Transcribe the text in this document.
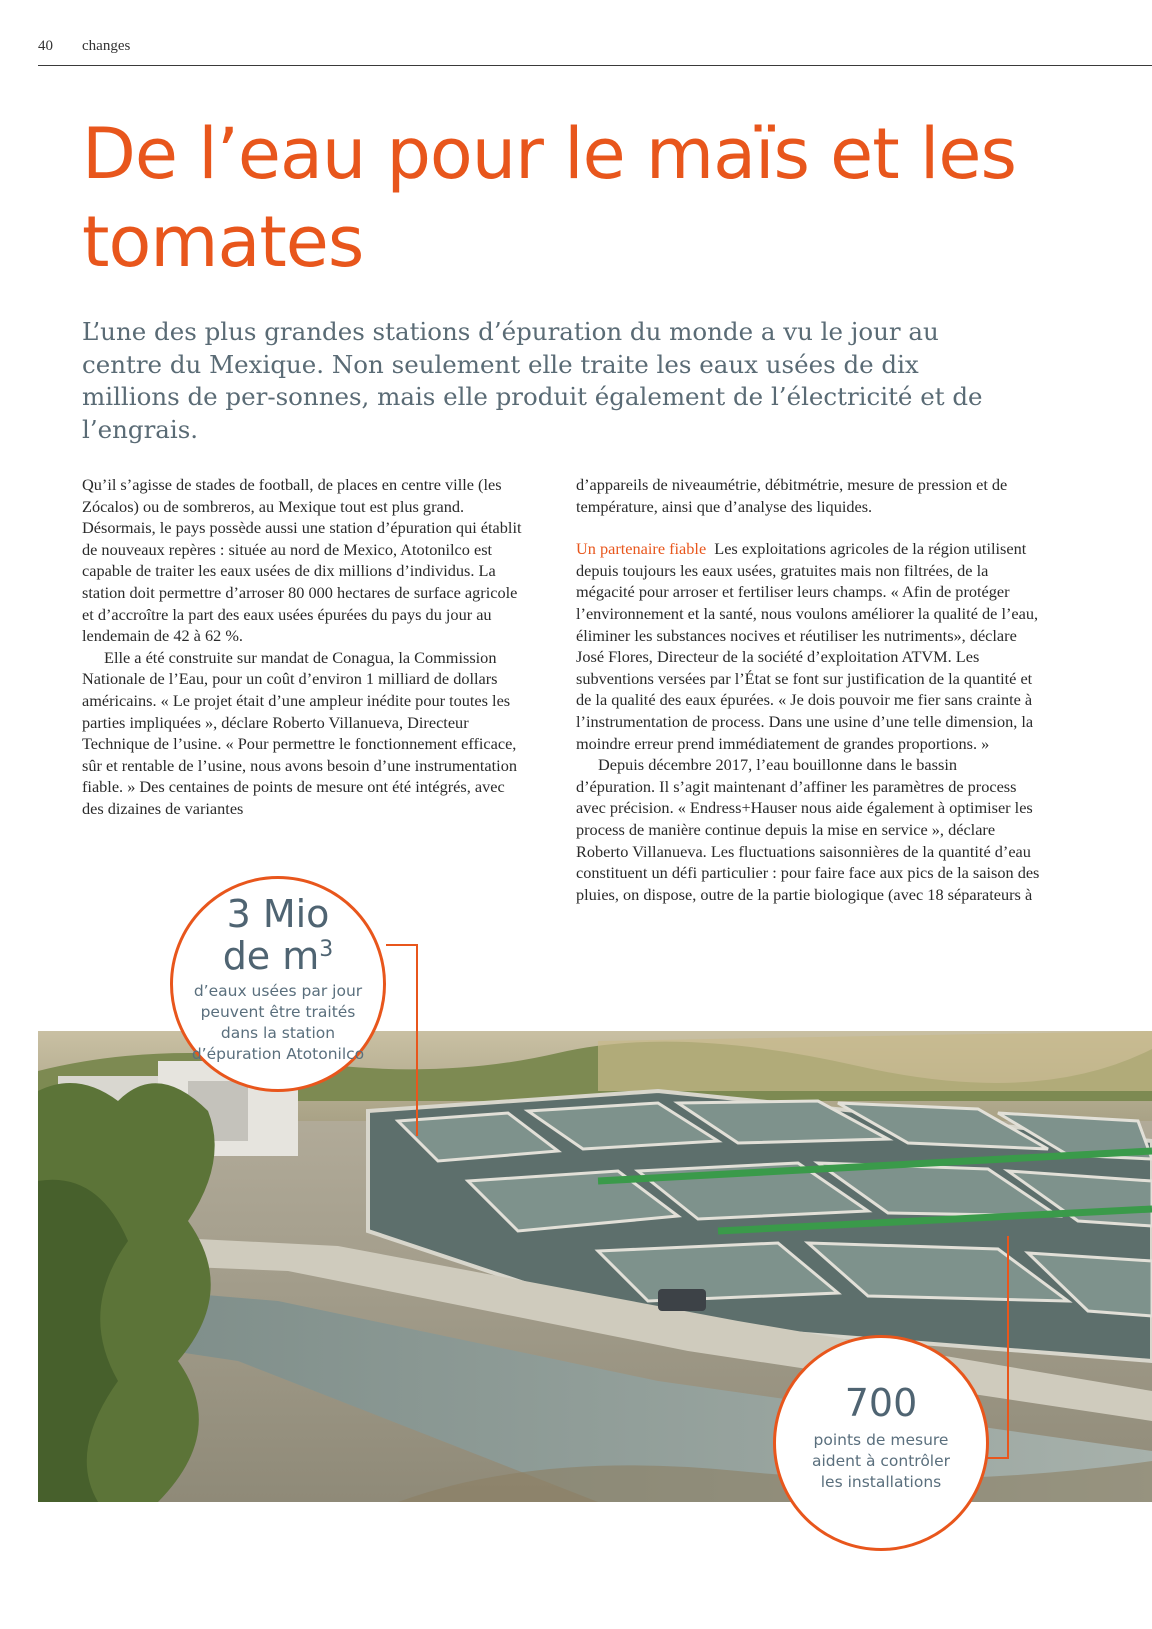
40 changes
De l’eau pour le maïs et les tomates

L’une des plus grandes stations d’épuration du monde a vu le jour au centre du Mexique. Non seulement elle traite les eaux usées de dix millions de per-sonnes, mais elle produit également de l’électricité et de l’engrais.

Qu’il s’agisse de stades de football, de places en centre ville (les Zócalos) ou de sombreros, au Mexique tout est plus grand. Désormais, le pays possède aussi une station d’épuration qui établit de nouveaux repères : située au nord de Mexico, Atotonilco est capable de traiter les eaux usées de dix millions d’individus. La station doit permettre d’arroser 80 000 hectares de surface agricole et d’accroître la part des eaux usées épurées du pays du jour au lendemain de 42 à 62 %.

Elle a été construite sur mandat de Conagua, la Commission Nationale de l’Eau, pour un coût d’environ 1 milliard de dollars américains. « Le projet était d’une ampleur inédite pour toutes les parties impliquées », déclare Roberto Villanueva, Directeur Technique de l’usine. « Pour permettre le fonctionnement efficace, sûr et rentable de l’usine, nous avons besoin d’une instrumentation fiable. » Des centaines de points de mesure ont été intégrés, avec des dizaines de variantes

d’appareils de niveaumétrie, débitmétrie, mesure de pression et de température, ainsi que d’analyse des liquides.

Un partenaire fiable Les exploitations agricoles de la région utilisent depuis toujours les eaux usées, gratuites mais non filtrées, de la mégacité pour arroser et fertiliser leurs champs. « Afin de protéger l’environnement et la santé, nous voulons améliorer la qualité de l’eau, éliminer les substances nocives et réutiliser les nutriments», déclare José Flores, Directeur de la société d’exploitation ATVM. Les subventions versées par l’État se font sur justification de la quantité et de la qualité des eaux épurées. « Je dois pouvoir me fier sans crainte à l’instrumentation de process. Dans une usine d’une telle dimension, la moindre erreur prend immédiatement de grandes proportions. »

Depuis décembre 2017, l’eau bouillonne dans le bassin d’épuration. Il s’agit maintenant d’affiner les paramètres de process avec précision. « Endress+Hauser nous aide également à optimiser les process de manière continue depuis la mise en service », déclare Roberto Villanueva. Les fluctuations saisonnières de la quantité d’eau constituent un défi particulier : pour faire face aux pics de la saison des pluies, on dispose, outre de la partie biologique (avec 18 séparateurs à

3 Mio
de $m^3$
d’eaux usées par jour peuvent être traités dans la station d’épuration Atotonilco
700
points de mesure aident à contrôler les installations
